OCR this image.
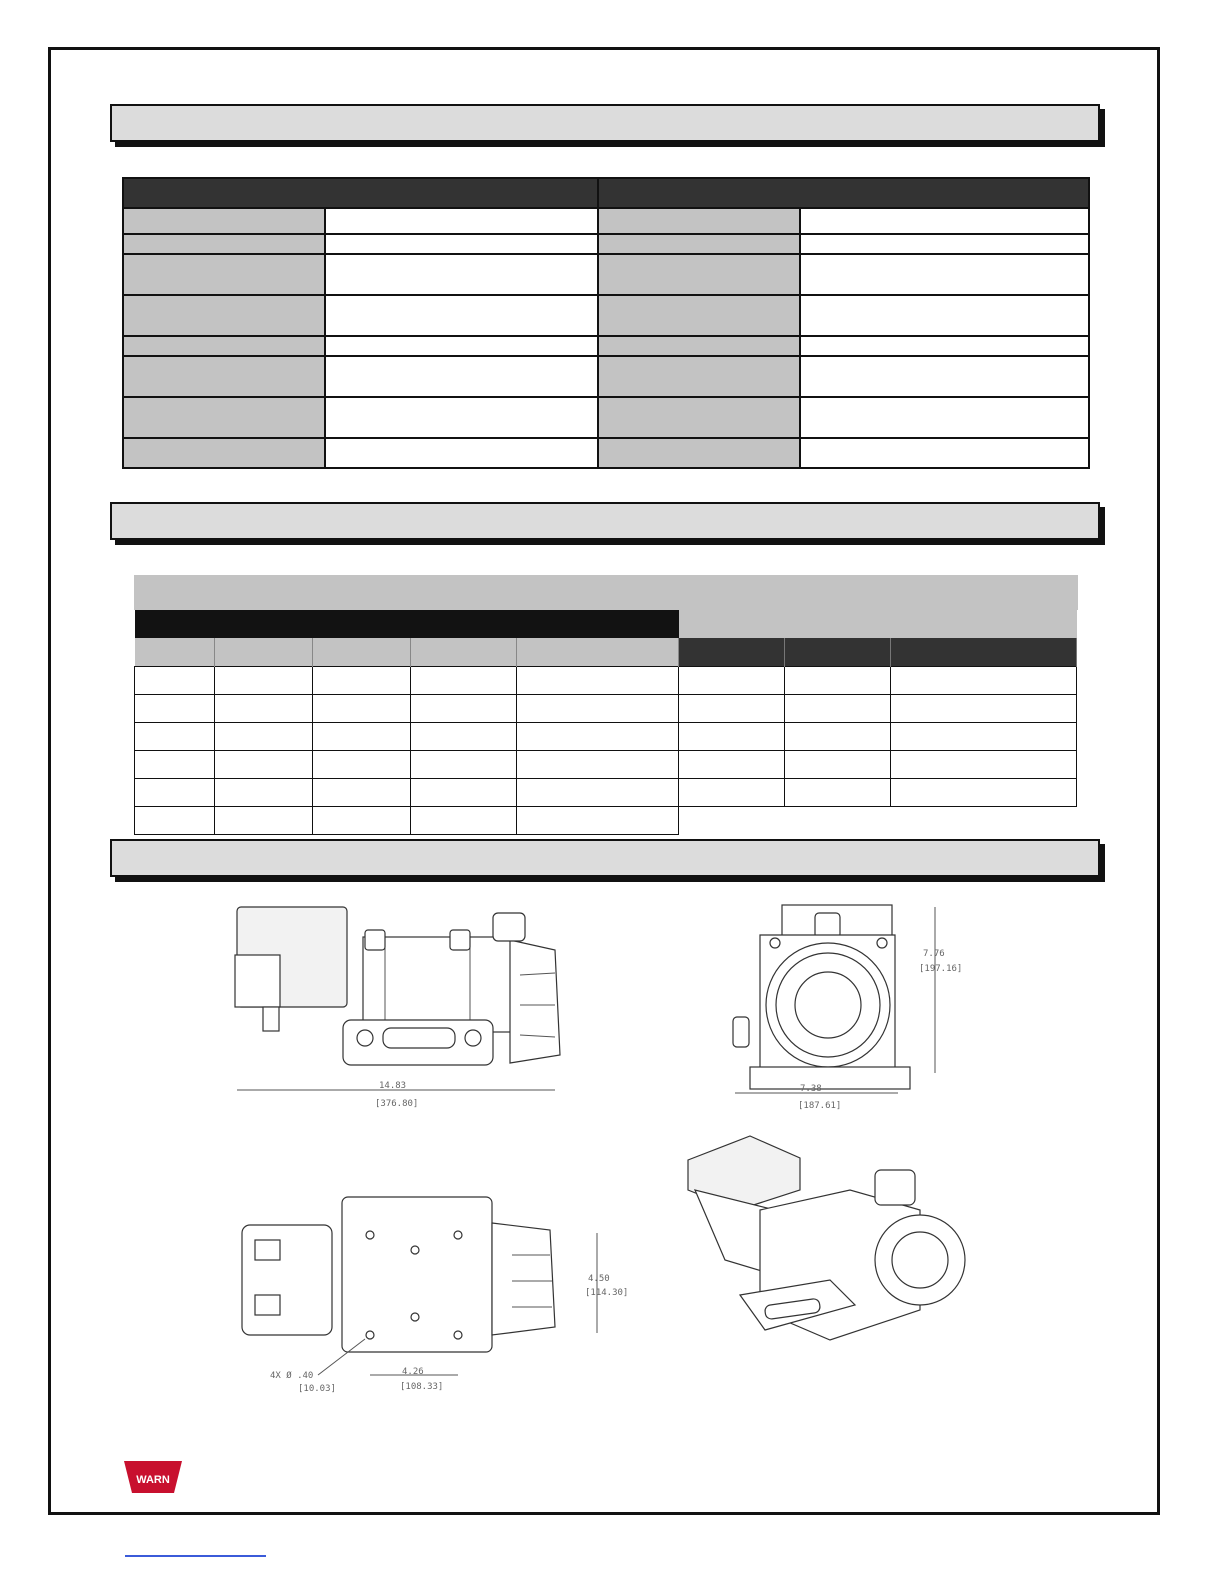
14.83
[376.80]
7.76
[197.16]
7.38
[187.61]
4.50
[114.30]
4.26
[108.33]
4X Ø .40
[10.03]
WARN
